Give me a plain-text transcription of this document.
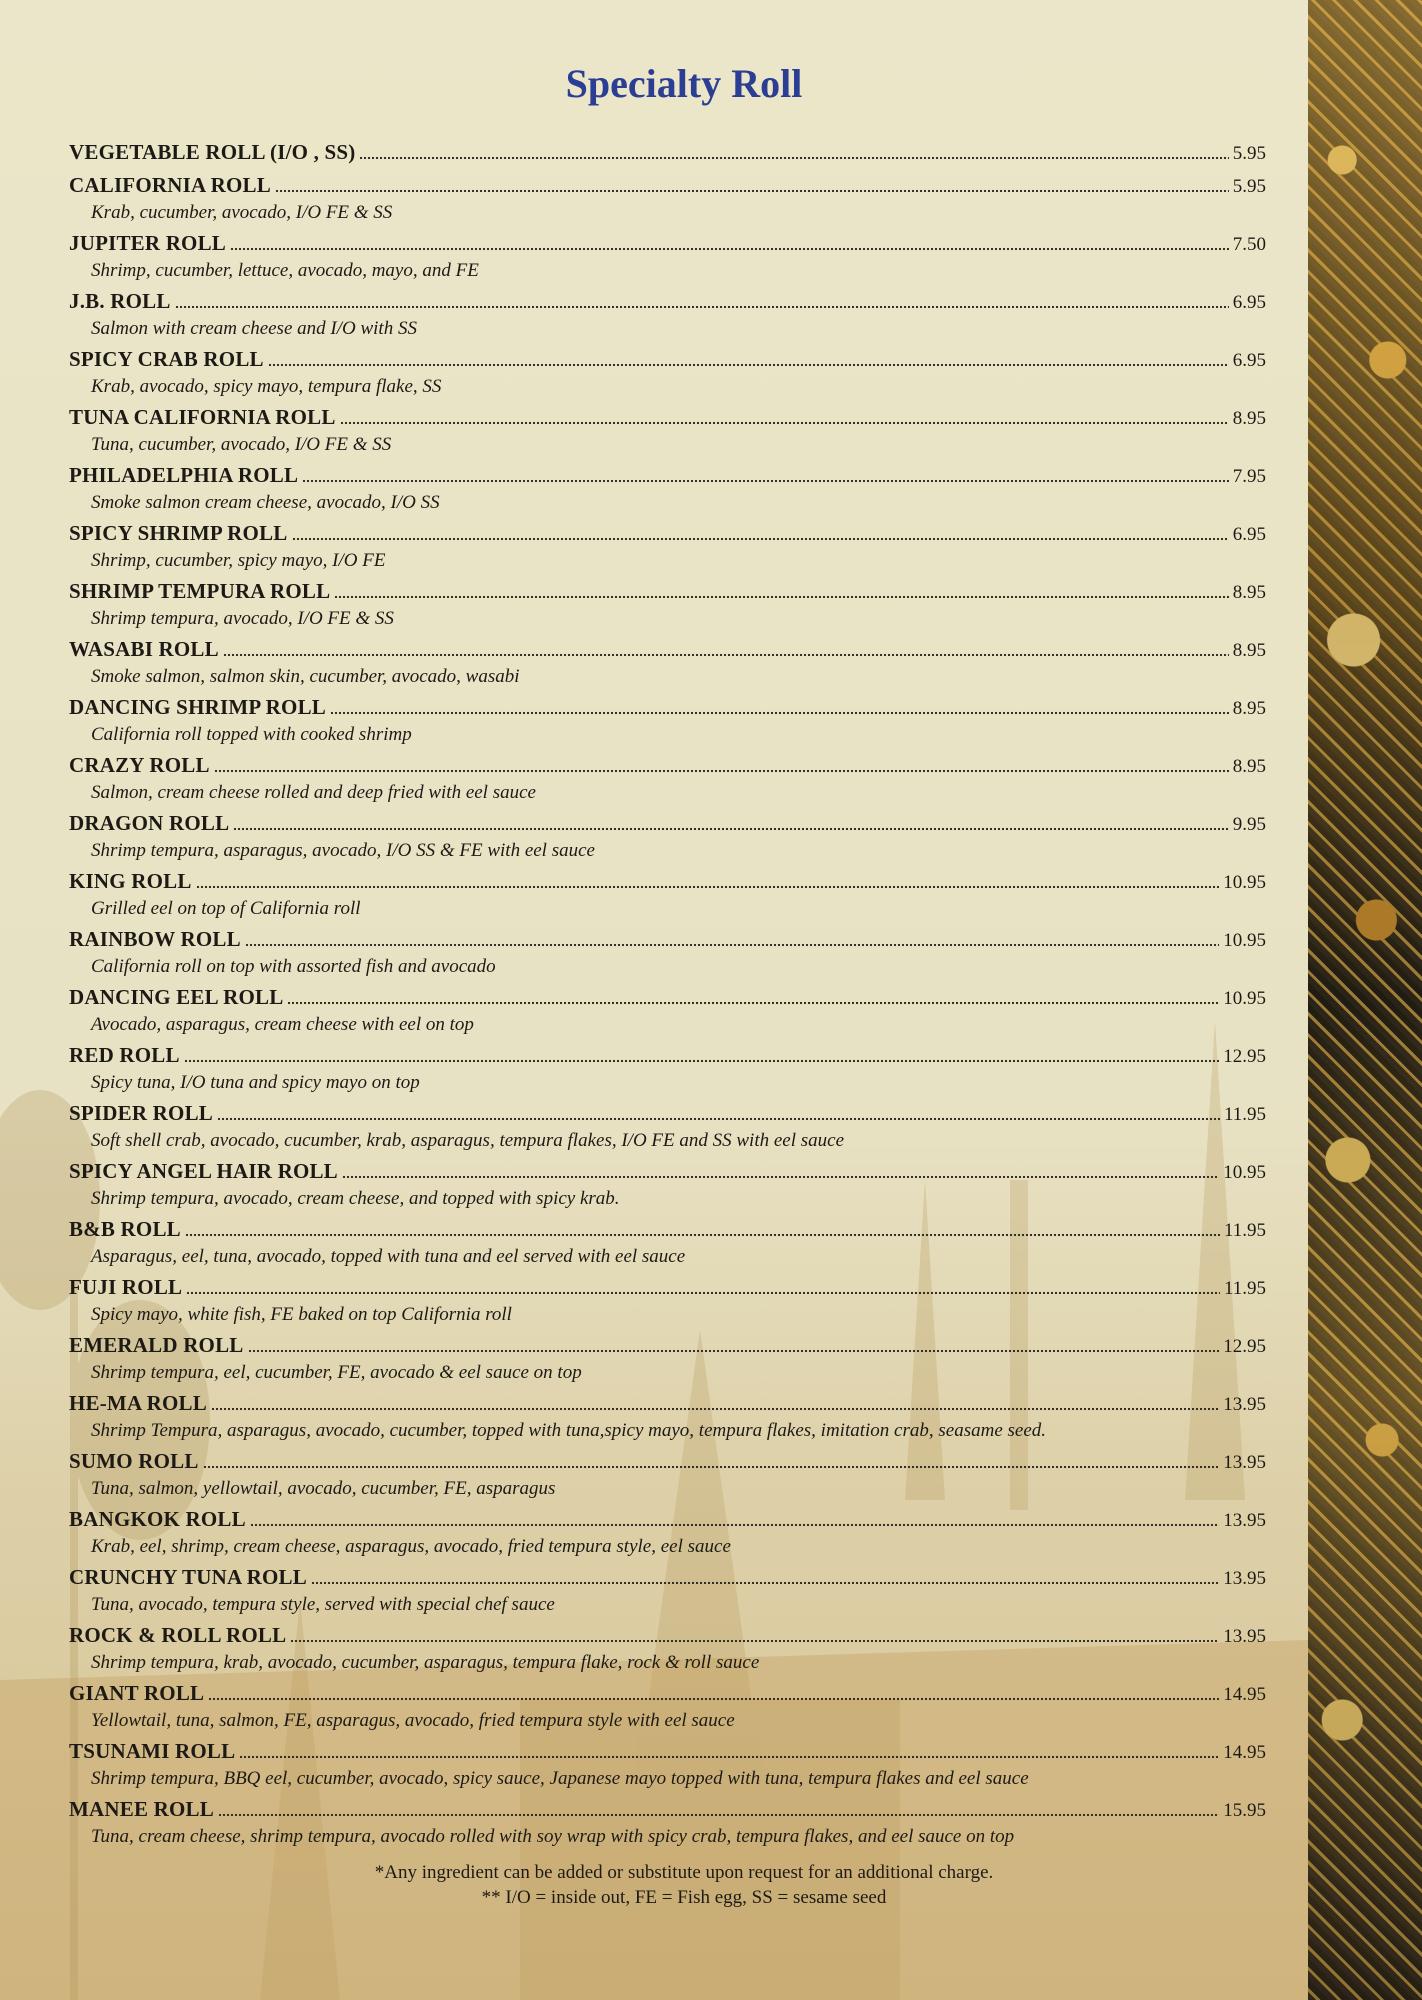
Specialty Roll
VEGETABLE ROLL (I/O , SS)	5.95
CALIFORNIA ROLL	5.95
Krab, cucumber, avocado, I/O FE & SS
JUPITER ROLL	7.50
Shrimp, cucumber, lettuce, avocado, mayo, and FE
J.B. ROLL	6.95
Salmon with cream cheese and I/O with SS
SPICY CRAB ROLL	6.95
Krab, avocado, spicy mayo, tempura flake, SS
TUNA CALIFORNIA ROLL	8.95
Tuna, cucumber, avocado, I/O FE & SS
PHILADELPHIA ROLL	7.95
Smoke salmon cream cheese, avocado, I/O SS
SPICY SHRIMP ROLL	6.95
Shrimp, cucumber, spicy mayo, I/O FE
SHRIMP TEMPURA ROLL	8.95
Shrimp tempura, avocado, I/O FE & SS
WASABI ROLL	8.95
Smoke salmon, salmon skin, cucumber, avocado, wasabi
DANCING SHRIMP ROLL	8.95
California roll topped with cooked shrimp
CRAZY ROLL	8.95
Salmon, cream cheese rolled and deep fried with eel sauce
DRAGON ROLL	9.95
Shrimp tempura, asparagus, avocado, I/O SS & FE with eel sauce
KING ROLL	10.95
Grilled eel on top of California roll
RAINBOW ROLL	10.95
California roll on top with assorted fish and avocado
DANCING EEL ROLL	10.95
Avocado, asparagus, cream cheese with eel on top
RED ROLL	12.95
Spicy tuna, I/O tuna and spicy mayo on top
SPIDER ROLL	11.95
Soft shell crab, avocado, cucumber, krab, asparagus, tempura flakes, I/O FE and SS with eel sauce
SPICY ANGEL HAIR ROLL	10.95
Shrimp tempura, avocado, cream cheese, and topped with spicy krab.
B&B ROLL	11.95
Asparagus, eel, tuna, avocado, topped with tuna and eel served with eel sauce
FUJI ROLL	11.95
Spicy mayo, white fish, FE baked on top California roll
EMERALD ROLL	12.95
Shrimp tempura, eel, cucumber, FE, avocado & eel sauce on top
HE-MA ROLL	13.95
Shrimp Tempura, asparagus, avocado, cucumber, topped with tuna,spicy mayo, tempura flakes, imitation crab, seasame seed.
SUMO ROLL	13.95
Tuna, salmon, yellowtail, avocado, cucumber, FE, asparagus
BANGKOK ROLL	13.95
Krab, eel, shrimp, cream cheese, asparagus, avocado, fried tempura style, eel sauce
CRUNCHY TUNA ROLL	13.95
Tuna, avocado, tempura style, served with special chef sauce
ROCK & ROLL ROLL	13.95
Shrimp tempura, krab, avocado, cucumber, asparagus, tempura flake, rock & roll sauce
GIANT ROLL	14.95
Yellowtail, tuna, salmon, FE, asparagus, avocado, fried tempura style with eel sauce
TSUNAMI ROLL	14.95
Shrimp tempura, BBQ eel, cucumber, avocado, spicy sauce, Japanese mayo topped with tuna, tempura flakes and eel sauce
MANEE ROLL	15.95
Tuna, cream cheese, shrimp tempura, avocado rolled with soy wrap with spicy crab, tempura flakes, and eel sauce on top
*Any ingredient can be added or substitute upon request for an additional charge.
** I/O = inside out, FE = Fish egg, SS = sesame seed
